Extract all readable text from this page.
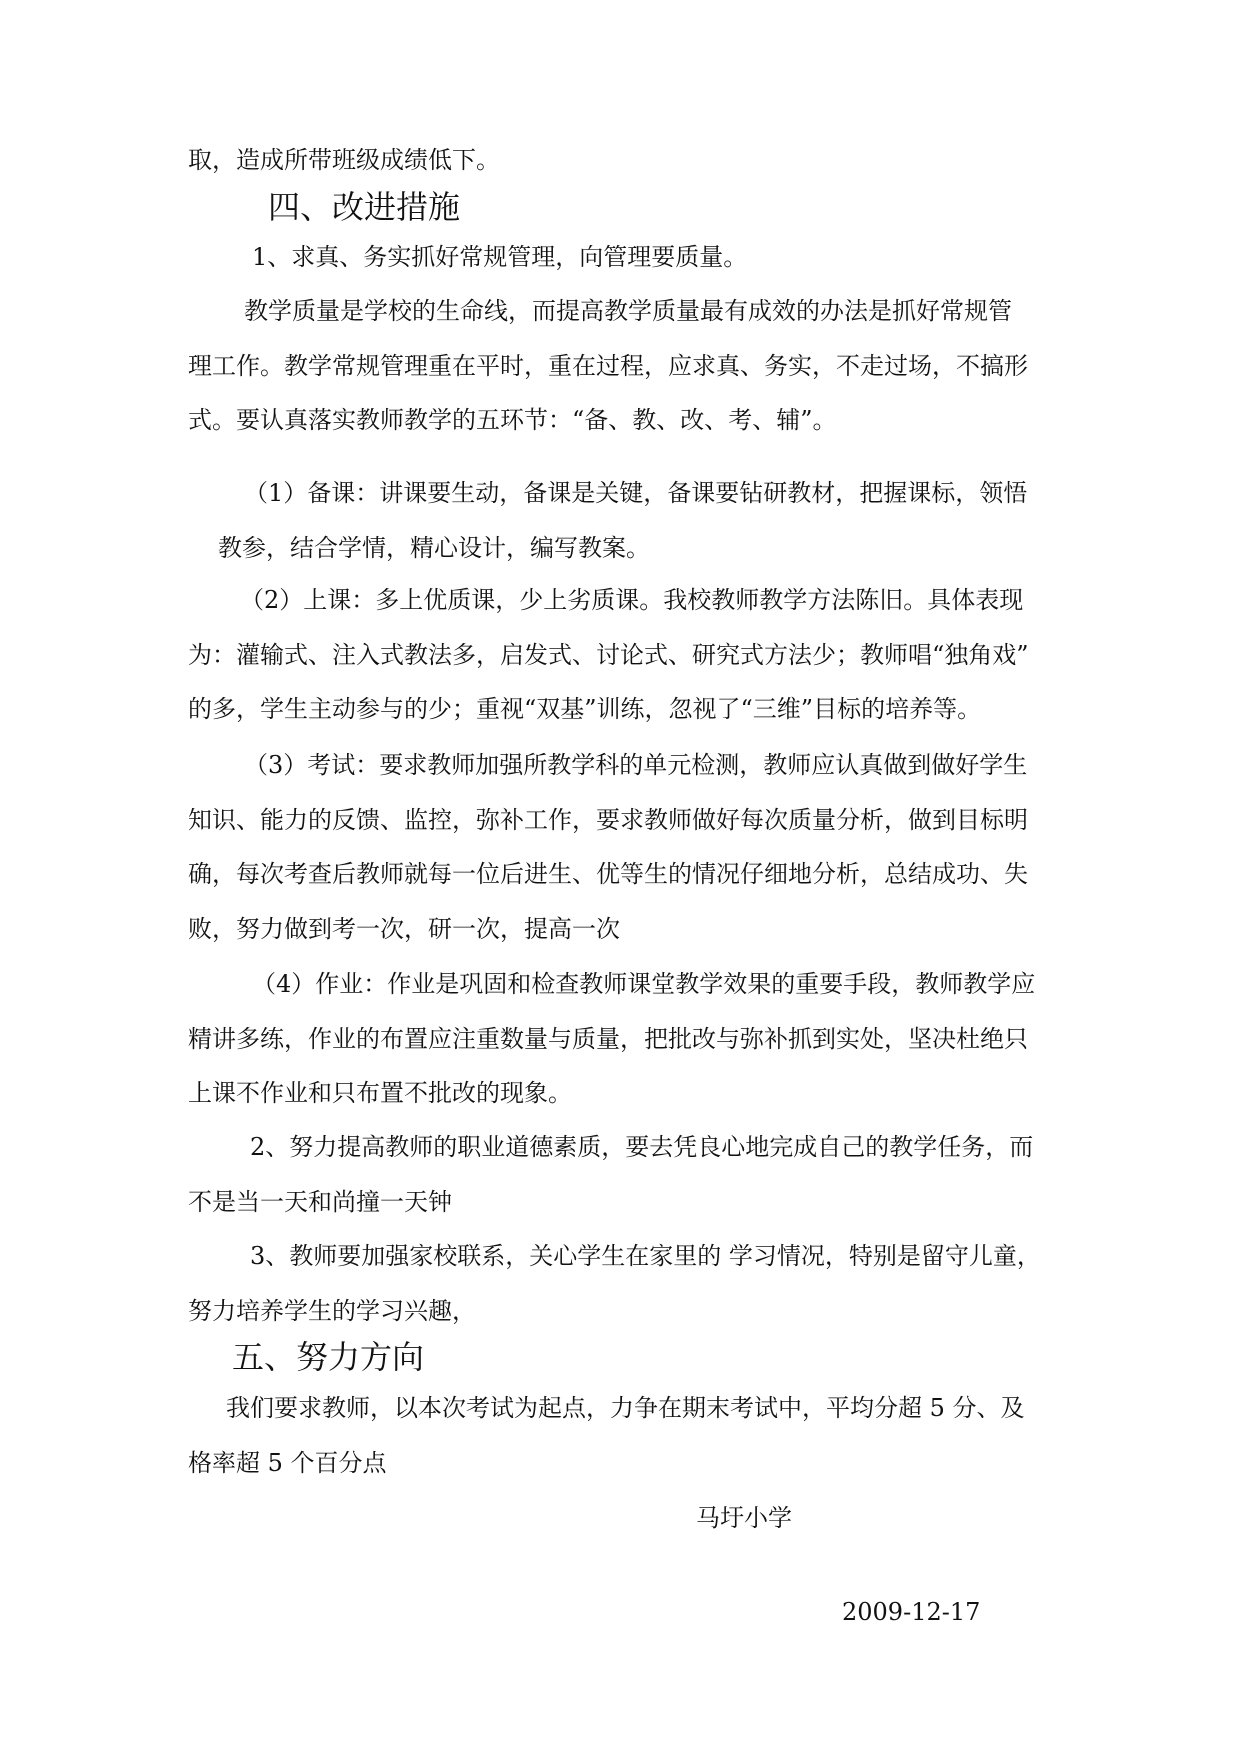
取，造成所带班级成绩低下。
四、改进措施
1、求真、务实抓好常规管理，向管理要质量。
教学质量是学校的生命线，而提高教学质量最有成效的办法是抓好常规管
理工作。教学常规管理重在平时，重在过程，应求真、务实，不走过场，不搞形
式。要认真落实教师教学的五环节：“备、教、改、考、辅”。
（1）备课：讲课要生动，备课是关键，备课要钻研教材，把握课标，领悟
教参，结合学情，精心设计，编写教案。
（2）上课：多上优质课，少上劣质课。我校教师教学方法陈旧。具体表现
为：灌输式、注入式教法多，启发式、讨论式、研究式方法少；教师唱“独角戏”
的多，学生主动参与的少；重视“双基”训练，忽视了“三维”目标的培养等。
（3）考试：要求教师加强所教学科的单元检测，教师应认真做到做好学生
知识、能力的反馈、监控，弥补工作，要求教师做好每次质量分析，做到目标明
确，每次考查后教师就每一位后进生、优等生的情况仔细地分析，总结成功、失
败，努力做到考一次，研一次，提高一次
（4）作业：作业是巩固和检查教师课堂教学效果的重要手段，教师教学应
精讲多练，作业的布置应注重数量与质量，把批改与弥补抓到实处，坚决杜绝只
上课不作业和只布置不批改的现象。
2、努力提高教师的职业道德素质，要去凭良心地完成自己的教学任务，而
不是当一天和尚撞一天钟
3、教师要加强家校联系，关心学生在家里的 学习情况，特别是留守儿童，
努力培养学生的学习兴趣，
五、努力方向
我们要求教师，以本次考试为起点，力争在期末考试中，平均分超 5 分、及
格率超 5 个百分点
马圩小学
2009-12-17
